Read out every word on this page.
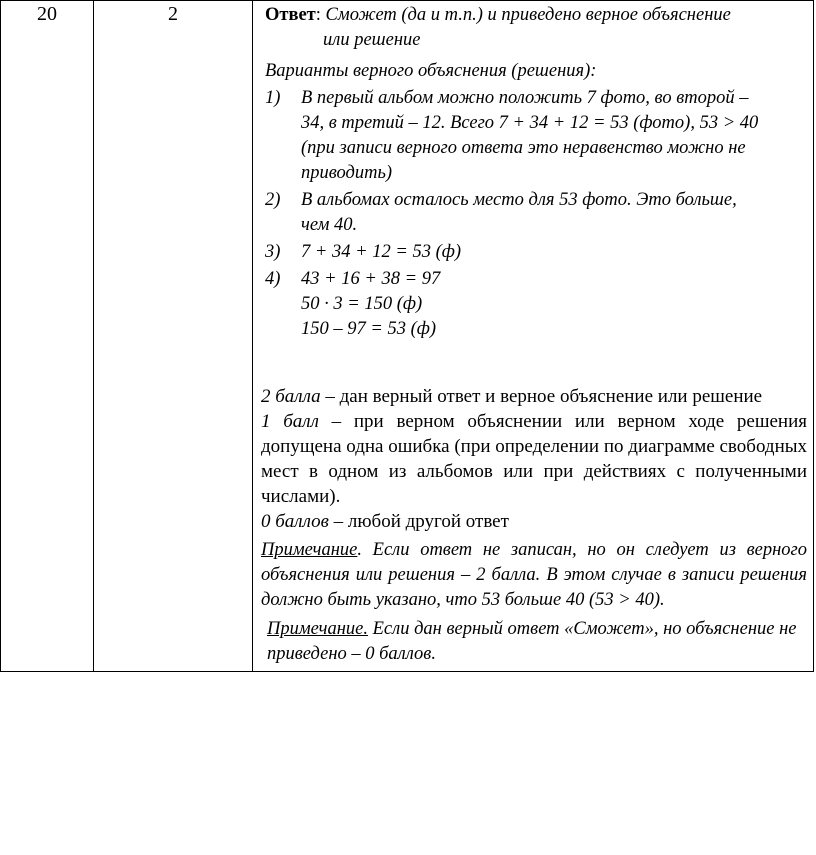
20	2	Ответ: Сможет (да и т.п.) и приведено верное объяснение
или решение
Варианты верного объяснения (решения):
1) В первый альбом можно положить 7 фото, во второй –
34, в третий – 12. Всего 7 + 34 + 12 = 53 (фото), 53 > 40
(при записи верного ответа это неравенство можно не
приводить)
2) В альбомах осталось место для 53 фото. Это больше,
чем 40.
3) 7 + 34 + 12 = 53 (ф)
4) 43 + 16 + 38 = 97
50 · 3 = 150 (ф)
150 – 97 = 53 (ф)

2 балла – дан верный ответ и верное объяснение или решение

1 балл – при верном объяснении или верном ходе решения допущена одна ошибка (при определении по диаграмме свободных мест в одном из альбомов или при действиях с полученными числами).

0 баллов – любой другой ответ

Примечание. Если ответ не записан, но он следует из верного объяснения или решения – 2 балла. В этом случае в записи решения должно быть указано, что 53 больше 40 (53 > 40).
Примечание. Если дан верный ответ «Сможет», но объяснение не приведено – 0 баллов.
